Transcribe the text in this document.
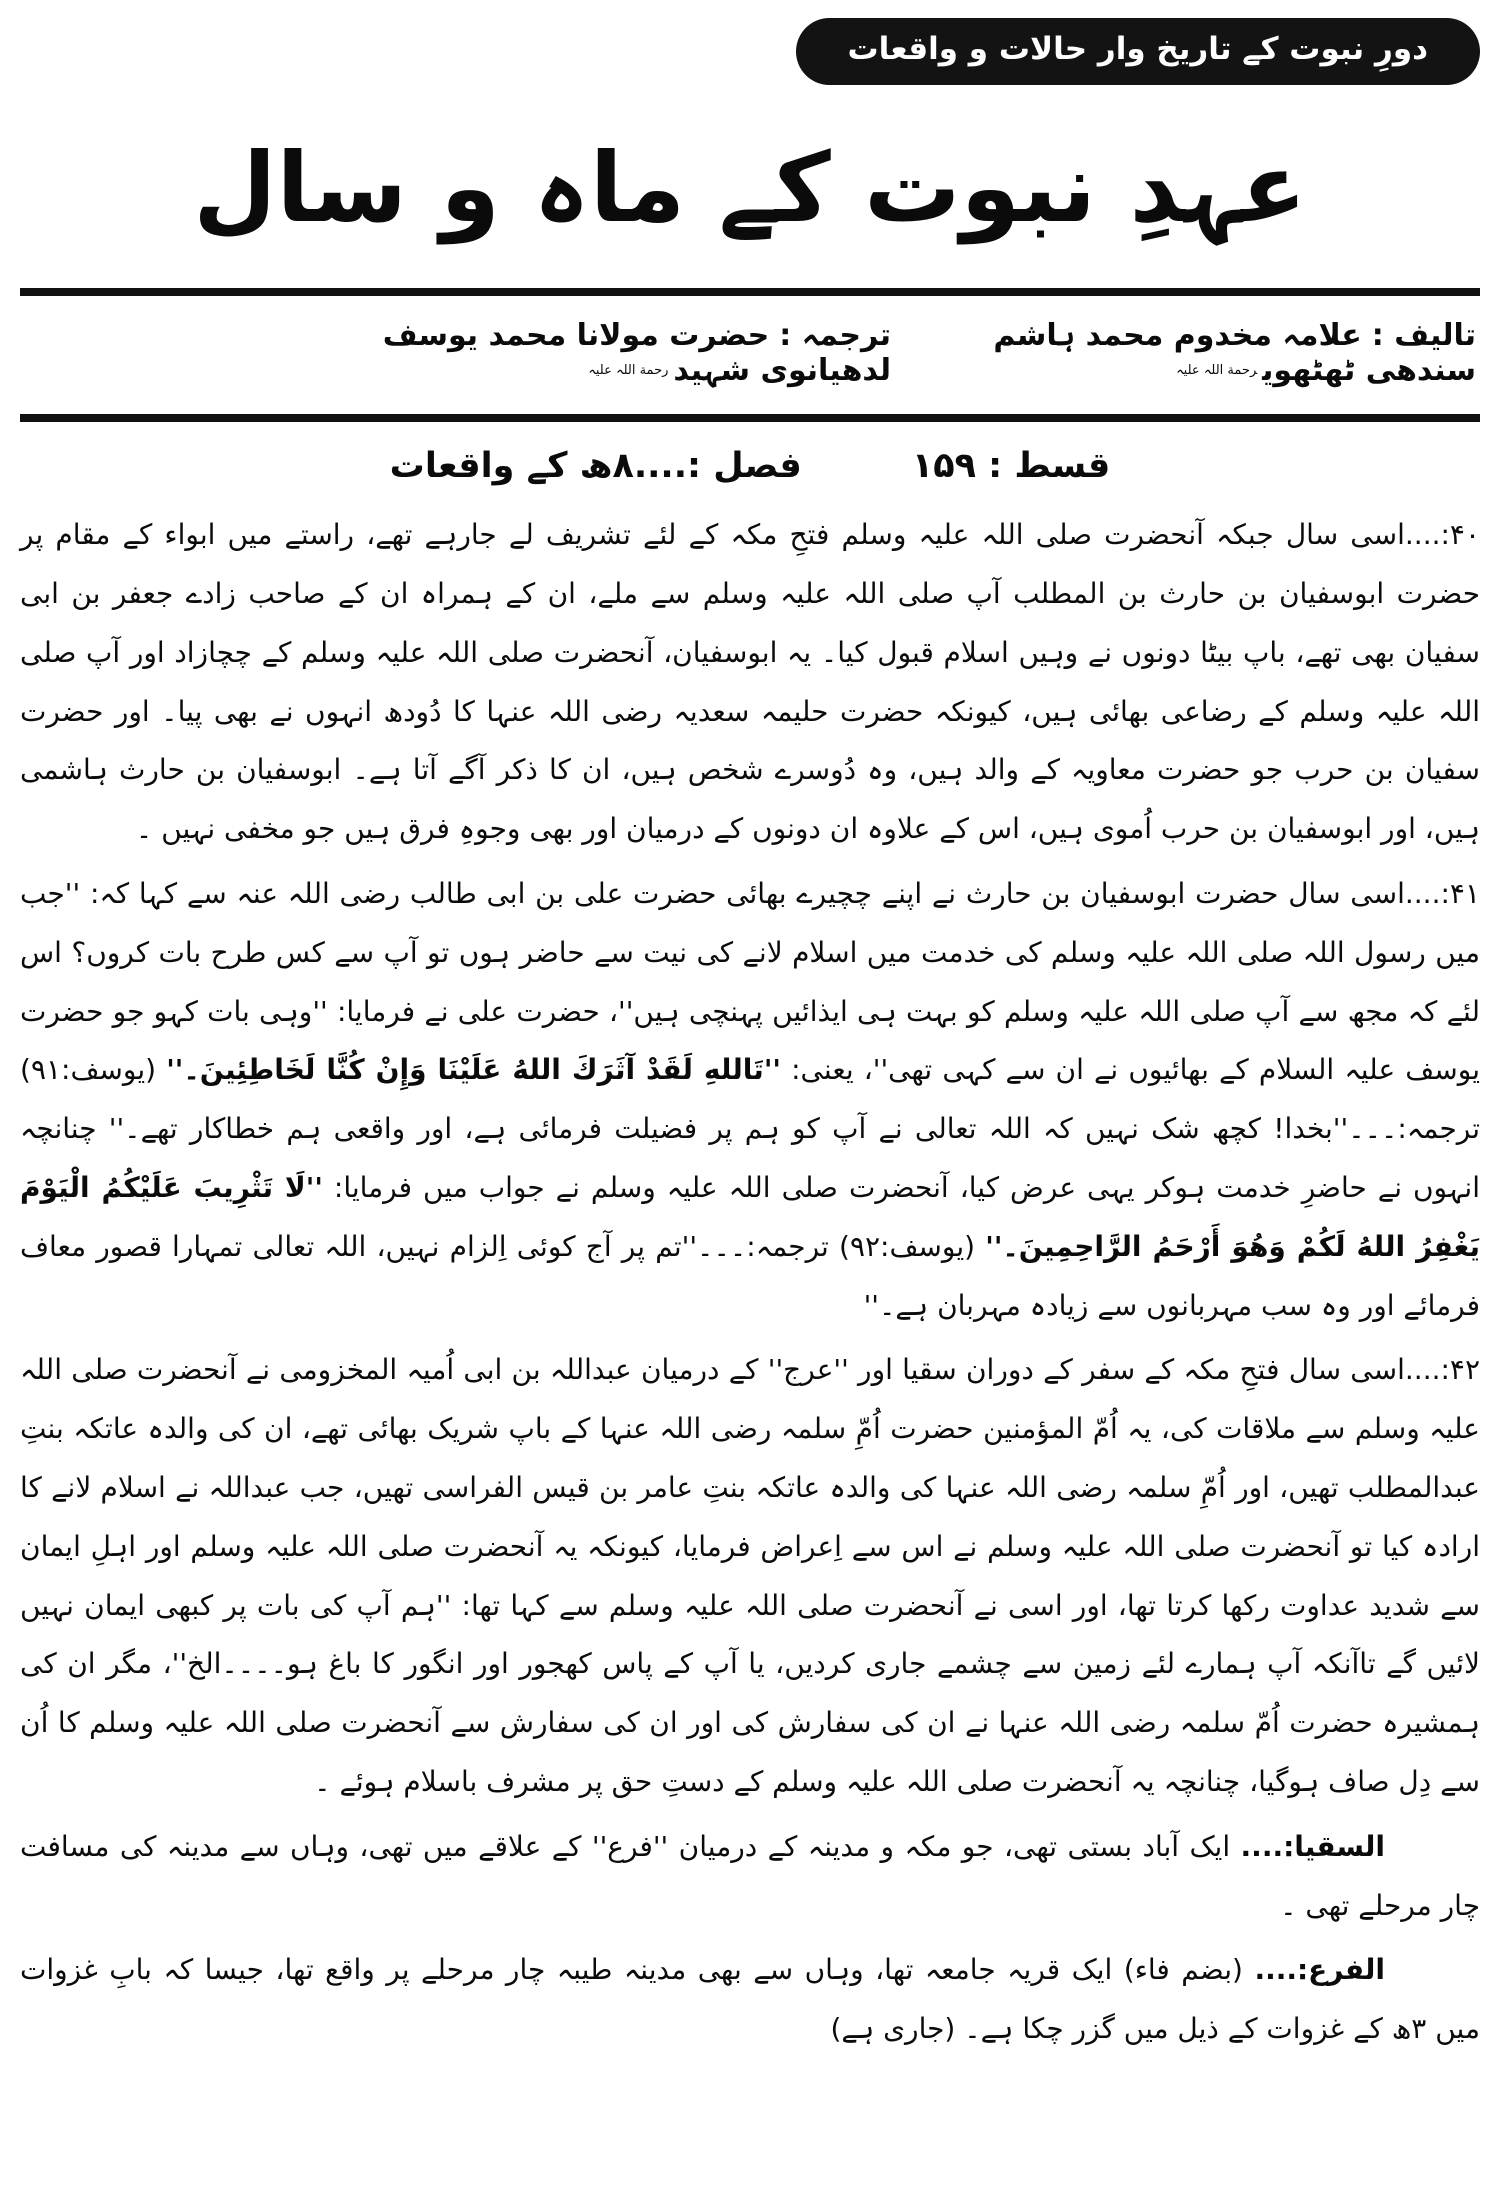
دورِ نبوت کے تاریخ وار حالات و واقعات
عہدِ نبوت کے ماہ و سال
تالیف :علامہ مخدوم محمد ہاشم سندھی ٹھٹھوی$^{رحمة اللہ علیہ}$
ترجمہ :حضرت مولانا محمد یوسف لدھیانوی شہید$^{رحمة اللہ علیہ}$
قسط : ۱۵۹
فصل :....۸ھ کے واقعات

۴۰:....اسی سال جبکہ آنحضرت صلی اللہ علیہ وسلم فتحِ مکہ کے لئے تشریف لے جارہے تھے، راستے میں ابواء کے مقام پر حضرت ابوسفیان بن حارث بن المطلب آپ صلی اللہ علیہ وسلم سے ملے، ان کے ہمراہ ان کے صاحب زادے جعفر بن ابی سفیان بھی تھے، باپ بیٹا دونوں نے وہیں اسلام قبول کیا۔ یہ ابوسفیان، آنحضرت صلی اللہ علیہ وسلم کے چچازاد اور آپ صلی اللہ علیہ وسلم کے رضاعی بھائی ہیں، کیونکہ حضرت حلیمہ سعدیہ رضی اللہ عنہا کا دُودھ انہوں نے بھی پیا۔ اور حضرت سفیان بن حرب جو حضرت معاویہ کے والد ہیں، وہ دُوسرے شخص ہیں، ان کا ذکر آگے آتا ہے۔ ابوسفیان بن حارث ہاشمی ہیں، اور ابوسفیان بن حرب اُموی ہیں، اس کے علاوہ ان دونوں کے درمیان اور بھی وجوہِ فرق ہیں جو مخفی نہیں ۔

۴۱:....اسی سال حضرت ابوسفیان بن حارث نے اپنے چچیرے بھائی حضرت علی بن ابی طالب رضی اللہ عنہ سے کہا کہ: ''جب میں رسول اللہ صلی اللہ علیہ وسلم کی خدمت میں اسلام لانے کی نیت سے حاضر ہوں تو آپ سے کس طرح بات کروں؟ اس لئے کہ مجھ سے آپ صلی اللہ علیہ وسلم کو بہت ہی ایذائیں پہنچی ہیں''، حضرت علی نے فرمایا: ''وہی بات کہو جو حضرت یوسف علیہ السلام کے بھائیوں نے ان سے کہی تھی''، یعنی: ''تَاللهِ لَقَدْ آثَرَكَ اللهُ عَلَيْنَا وَإِنْ كُنَّا لَخَاطِئِينَ۔'' (یوسف:۹۱) ترجمہ:۔۔۔''بخدا! کچھ شک نہیں کہ اللہ تعالی نے آپ کو ہم پر فضیلت فرمائی ہے، اور واقعی ہم خطاکار تھے۔'' چنانچہ انہوں نے حاضرِ خدمت ہوکر یہی عرض کیا، آنحضرت صلی اللہ علیہ وسلم نے جواب میں فرمایا: ''لَا تَثْرِيبَ عَلَيْكُمُ الْيَوْمَ يَغْفِرُ اللهُ لَكُمْ وَهُوَ أَرْحَمُ الرَّاحِمِينَ۔'' (یوسف:۹۲) ترجمہ:۔۔۔''تم پر آج کوئی اِلزام نہیں، اللہ تعالی تمہارا قصور معاف فرمائے اور وہ سب مہربانوں سے زیادہ مہربان ہے۔''

۴۲:....اسی سال فتحِ مکہ کے سفر کے دوران سقیا اور ''عرج'' کے درمیان عبداللہ بن ابی اُمیہ المخزومی نے آنحضرت صلی اللہ علیہ وسلم سے ملاقات کی، یہ اُمّ المؤمنین حضرت اُمِّ سلمہ رضی اللہ عنہا کے باپ شریک بھائی تھے، ان کی والدہ عاتکہ بنتِ عبدالمطلب تھیں، اور اُمِّ سلمہ رضی اللہ عنہا کی والدہ عاتکہ بنتِ عامر بن قیس الفراسی تھیں، جب عبداللہ نے اسلام لانے کا ارادہ کیا تو آنحضرت صلی اللہ علیہ وسلم نے اس سے اِعراض فرمایا، کیونکہ یہ آنحضرت صلی اللہ علیہ وسلم اور اہلِ ایمان سے شدید عداوت رکھا کرتا تھا، اور اسی نے آنحضرت صلی اللہ علیہ وسلم سے کہا تھا: ''ہم آپ کی بات پر کبھی ایمان نہیں لائیں گے تاآنکہ آپ ہمارے لئے زمین سے چشمے جاری کردیں، یا آپ کے پاس کھجور اور انگور کا باغ ہو۔۔۔۔الخ''، مگر ان کی ہمشیرہ حضرت اُمّ سلمہ رضی اللہ عنہا نے ان کی سفارش کی اور ان کی سفارش سے آنحضرت صلی اللہ علیہ وسلم کا اُن سے دِل صاف ہوگیا، چنانچہ یہ آنحضرت صلی اللہ علیہ وسلم کے دستِ حق پر مشرف باسلام ہوئے ۔

السقیا:.... ایک آباد بستی تھی، جو مکہ و مدینہ کے درمیان ''فرع'' کے علاقے میں تھی، وہاں سے مدینہ کی مسافت چار مرحلے تھی ۔

الفرع:.... (بضم فاء) ایک قریہ جامعہ تھا، وہاں سے بھی مدینہ طیبہ چار مرحلے پر واقع تھا، جیسا کہ بابِ غزوات میں ۳ھ کے غزوات کے ذیل میں گزر چکا ہے۔ (جاری ہے)
